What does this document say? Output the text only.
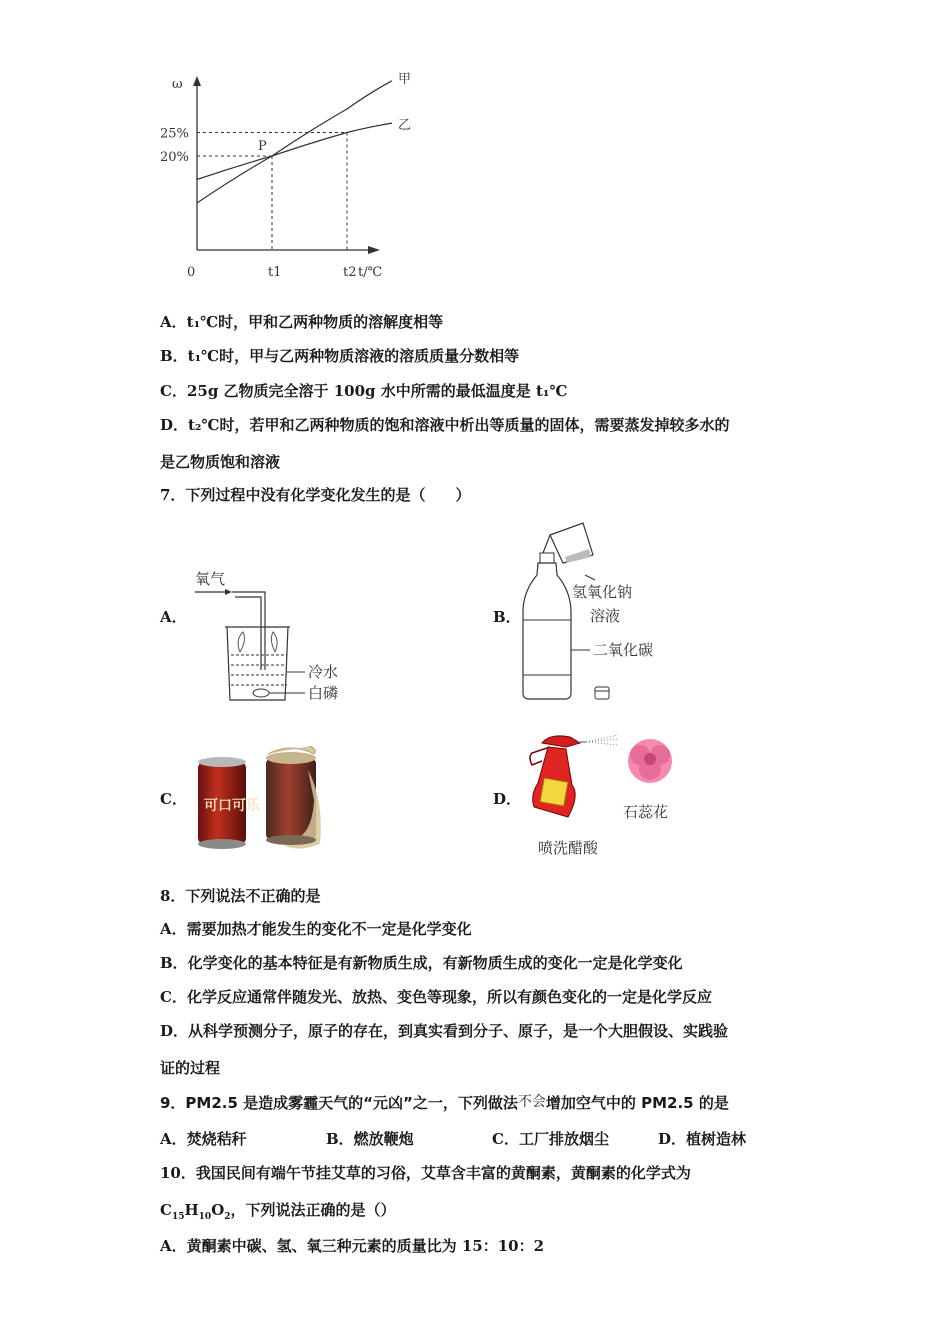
ω
0	t/℃
25%
20%
t1	t2
甲
乙
P
A．t₁℃时，甲和乙两种物质的溶解度相等
B．t₁℃时，甲与乙两种物质溶液的溶质质量分数相等
C．25g 乙物质完全溶于 100g 水中所需的最低温度是 t₁℃
D．t₂℃时，若甲和乙两种物质的饱和溶液中析出等质量的固体，需要蒸发掉较多水的
是乙物质饱和溶液
7．下列过程中没有化学变化发生的是（　　）
A．
氧气
冷水
白磷
B．
氢氧化钠
溶液
二氧化碳
C． 可口可乐	D．
石蕊花
喷洗醋酸
8．下列说法不正确的是
A．需要加热才能发生的变化不一定是化学变化
B．化学变化的基本特征是有新物质生成，有新物质生成的变化一定是化学变化
C．化学反应通常伴随发光、放热、变色等现象，所以有颜色变化的一定是化学反应
D．从科学预测分子，原子的存在，到真实看到分子、原子，是一个大胆假设、实践验
证的过程
9．PM2.5 是造成雾霾天气的“元凶”之一，下列做法不会增加空气中的 PM2.5 的是
A．焚烧秸秆	B．燃放鞭炮	C．工厂排放烟尘	D．植树造林
10．我国民间有端午节挂艾草的习俗，艾草含丰富的黄酮素，黄酮素的化学式为
$C_{15}H_{10}O_2$，下列说法正确的是（）
A．黄酮素中碳、氢、氧三种元素的质量比为 15：10：2
